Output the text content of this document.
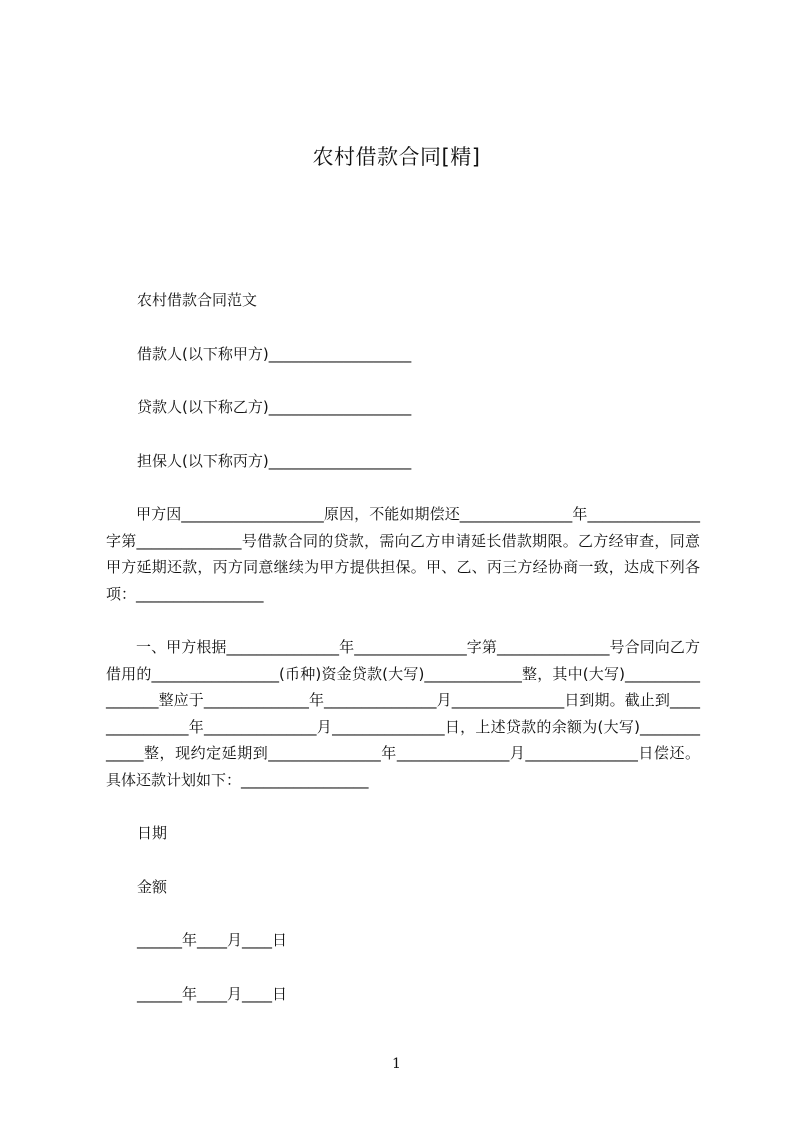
农村借款合同[精]
农村借款合同范文
借款人(以下称甲方)___________________
贷款人(以下称乙方)___________________
担保人(以下称丙方)___________________
甲方因___________________原因，不能如期偿还_______________年_______________字第______________号借款合同的贷款，需向乙方申请延长借款期限。乙方经审查，同意甲方延期还款，丙方同意继续为甲方提供担保。甲、乙、丙三方经协商一致，达成下列各项：_________________
一、甲方根据_______________年_______________字第_______________号合同向乙方借用的_________________(币种)资金贷款(大写)_____________整，其中(大写)_________________整应于______________年_______________月_______________日到期。截止到_______________年_______________月_______________日，上述贷款的余额为(大写)_____________整，现约定延期到_______________年_______________月_______________日偿还。具体还款计划如下：_________________
日期
金额
______年____月____日
______年____月____日
1
